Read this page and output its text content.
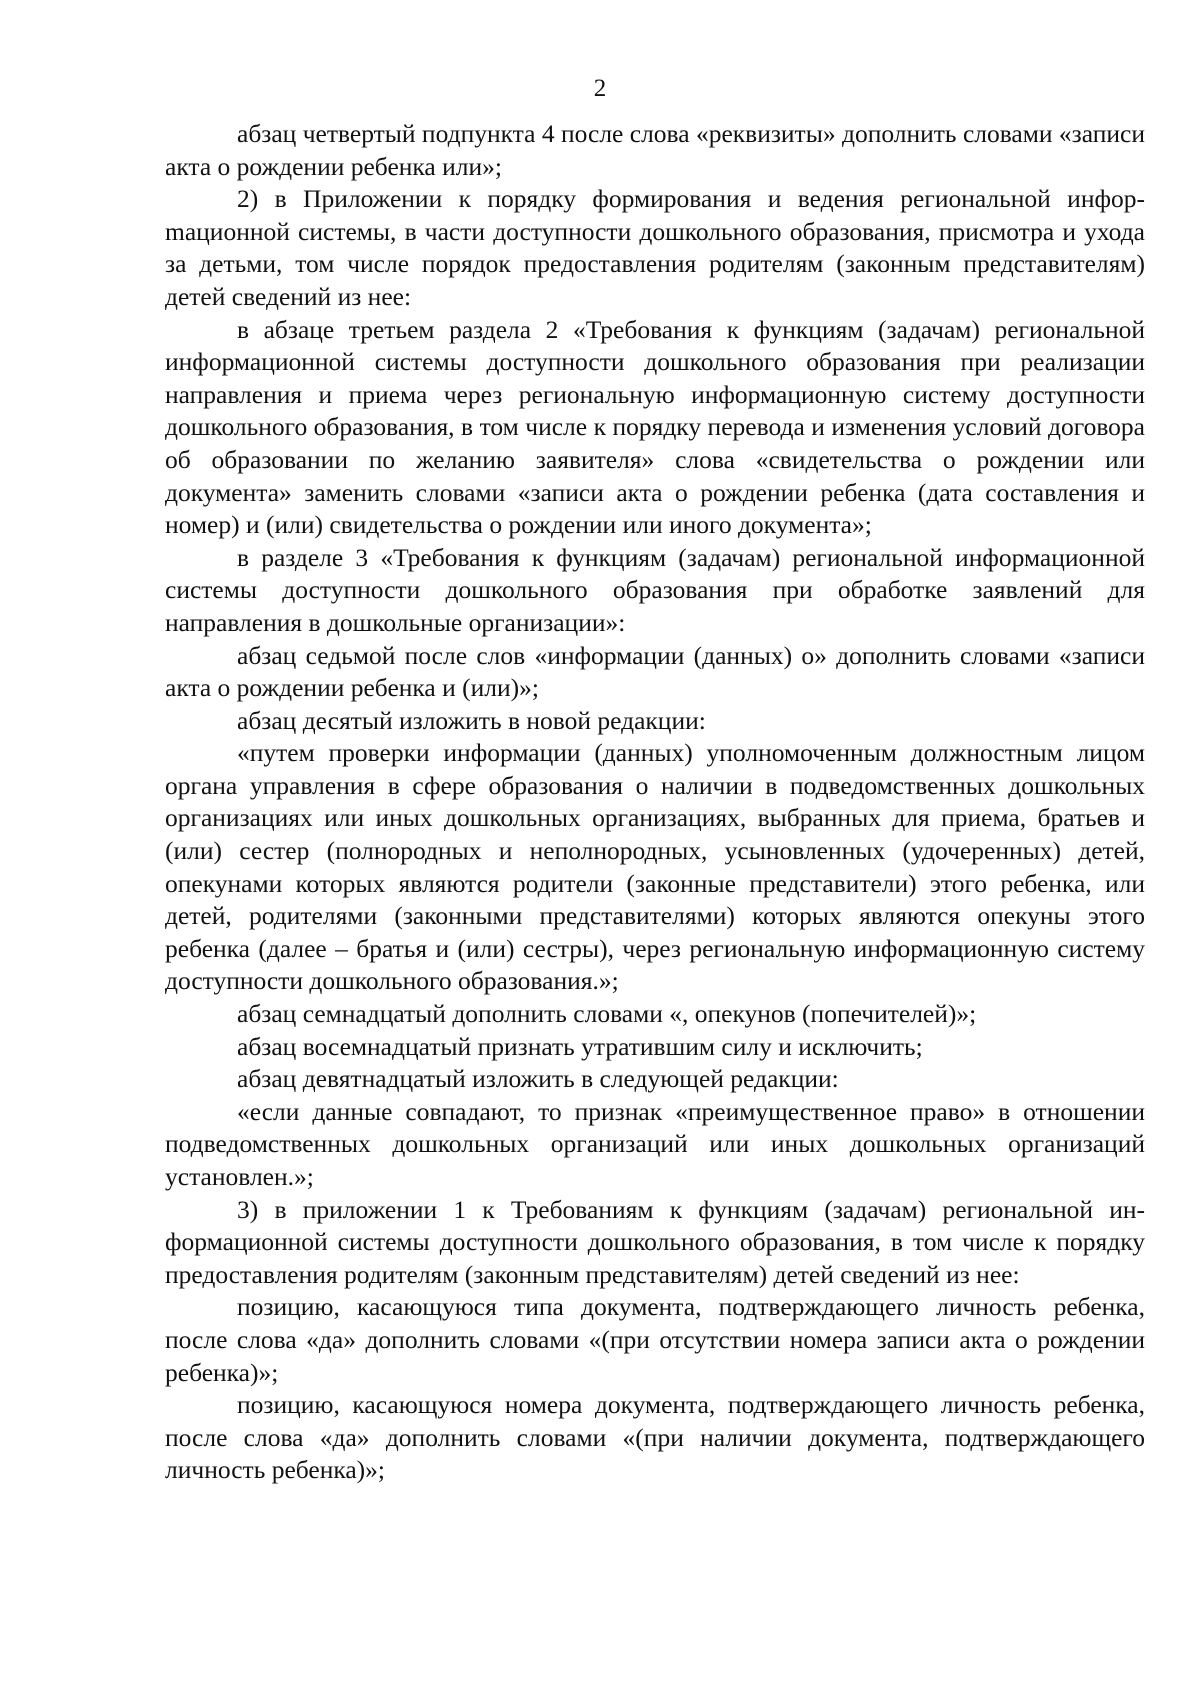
2

абзац четвертый подпункта 4 после слова «реквизиты» дополнить словами «записи акта о рождении ребенка или»;

2) в Приложении к порядку формирования и ведения региональной инфорmационной системы, в части доступности дошкольного образования, присмотра и ухода за детьми, том числе порядок предоставления родителям (законным представителям) детей сведений из нее:

в абзаце третьем раздела 2 «Требования к функциям (задачам) региональной информационной системы доступности дошкольного образования при реализации направления и приема через региональную информационную систему доступности дошкольного образования, в том числе к порядку перевода и изменения условий договора об образовании по желанию заявителя» слова «свидетельства о рождении или документа» заменить словами «записи акта о рождении ребенка (дата составления и номер) и (или) свидетельства о рождении или иного документа»;

в разделе 3 «Требования к функциям (задачам) региональной информационной системы доступности дошкольного образования при обработке заявлений для направления в дошкольные организации»:

абзац седьмой после слов «информации (данных) о» дополнить словами «записи акта о рождении ребенка и (или)»;

абзац десятый изложить в новой редакции:

«путем проверки информации (данных) уполномоченным должностным лицом органа управления в сфере образования о наличии в подведомственных дошкольных организациях или иных дошкольных организациях, выбранных для приема, братьев и (или) сестер (полнородных и неполнородных, усыновленных (удочеренных) детей, опекунами которых являются родители (законные представители) этого ребенка, или детей, родителями (законными представителями) которых являются опекуны этого ребенка (далее – братья и (или) сестры), через региональную информационную систему доступности дошкольного образования.»;

абзац семнадцатый дополнить словами «, опекунов (попечителей)»;

абзац восемнадцатый признать утратившим силу и исключить;

абзац девятнадцатый изложить в следующей редакции:

«если данные совпадают, то признак «преимущественное право» в отношении подведомственных дошкольных организаций или иных дошкольных организаций установлен.»;

3) в приложении 1 к Требованиям к функциям (задачам) региональной информационной системы доступности дошкольного образования, в том числе к порядку предоставления родителям (законным представителям) детей сведений из нее:

позицию, касающуюся типа документа, подтверждающего личность ребенка, после слова «да» дополнить словами «(при отсутствии номера записи акта о рождении ребенка)»;

позицию, касающуюся номера документа, подтверждающего личность ребенка, после слова «да» дополнить словами «(при наличии документа, подтверждающего личность ребенка)»;
